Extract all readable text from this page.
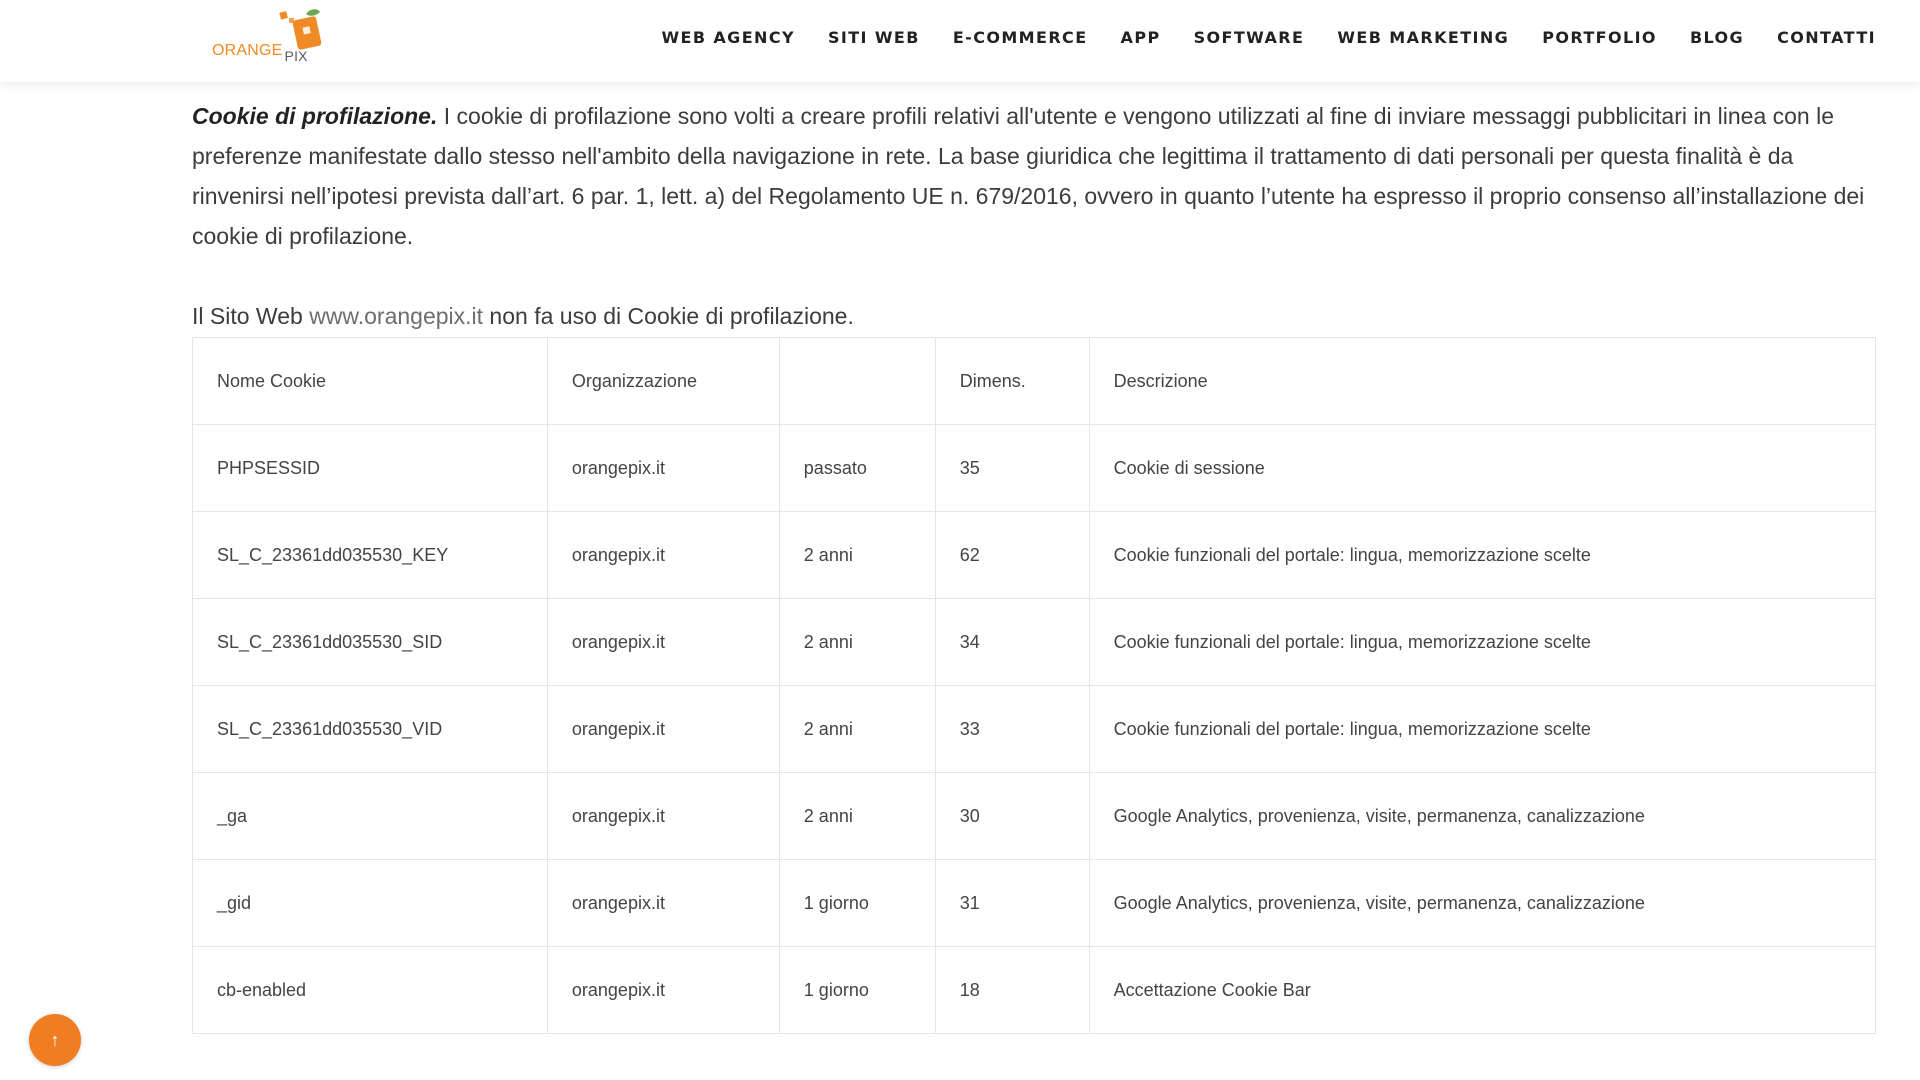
ORANGE PIX
WEB AGENCY SITI WEB E-COMMERCE APP SOFTWARE WEB MARKETING PORTFOLIO BLOG CONTATTI

Cookie di profilazione. I cookie di profilazione sono volti a creare profili relativi all'utente e vengono utilizzati al fine di inviare messaggi pubblicitari in linea con le preferenze manifestate dallo stesso nell'ambito della navigazione in rete. La base giuridica che legittima il trattamento di dati personali per questa finalità è da rinvenirsi nell’ipotesi prevista dall’art. 6 par. 1, lett. a) del Regolamento UE n. 679/2016, ovvero in quanto l’utente ha espresso il proprio consenso all’installazione dei cookie di profilazione.

Il Sito Web www.orangepix.it non fa uso di Cookie di profilazione.

Nome Cookie	Organizzazione		Dimens.	Descrizione
PHPSESSID	orangepix.it	passato	35	Cookie di sessione
SL_C_23361dd035530_KEY	orangepix.it	2 anni	62	Cookie funzionali del portale: lingua, memorizzazione scelte
SL_C_23361dd035530_SID	orangepix.it	2 anni	34	Cookie funzionali del portale: lingua, memorizzazione scelte
SL_C_23361dd035530_VID	orangepix.it	2 anni	33	Cookie funzionali del portale: lingua, memorizzazione scelte
_ga	orangepix.it	2 anni	30	Google Analytics, provenienza, visite, permanenza, canalizzazione
_gid	orangepix.it	1 giorno	31	Google Analytics, provenienza, visite, permanenza, canalizzazione
cb-enabled	orangepix.it	1 giorno	18	Accettazione Cookie Bar
↑
